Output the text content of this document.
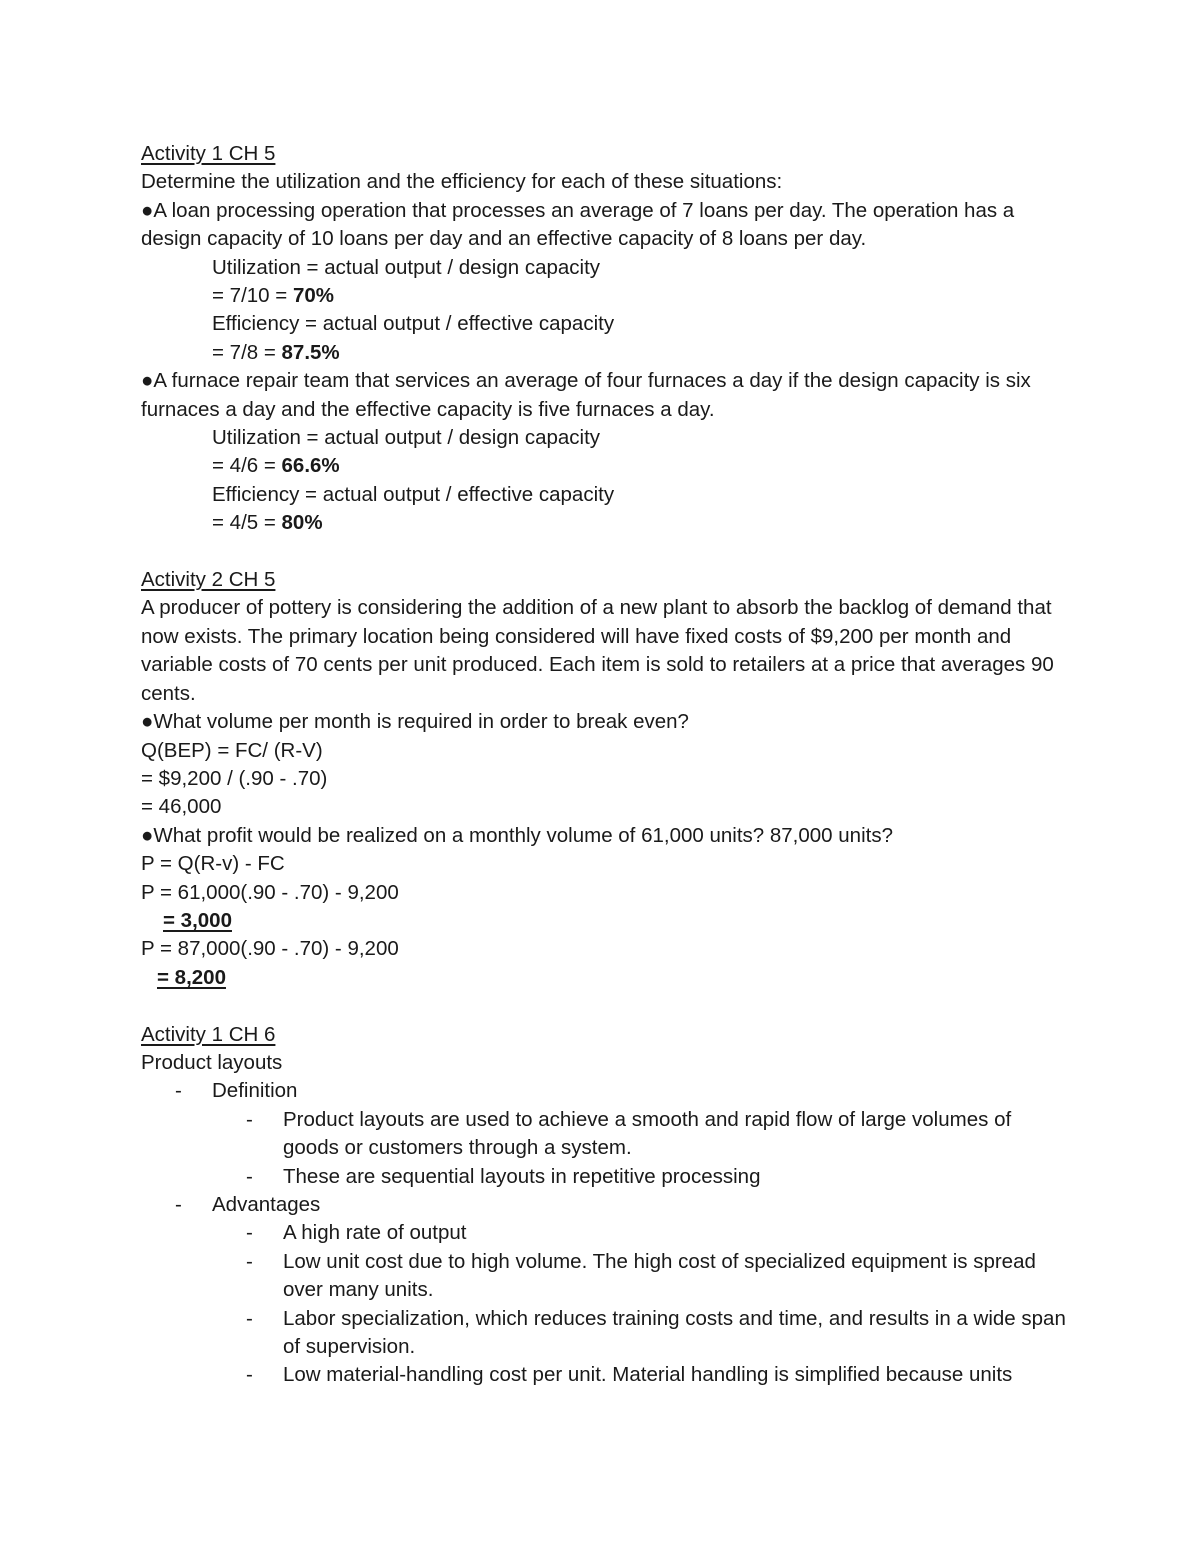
Activity 1 CH 5
Determine the utilization and the efficiency for each of these situations:
●A loan processing operation that processes an average of 7 loans per day. The operation has a design capacity of 10 loans per day and an effective capacity of 8 loans per day.
Utilization = actual output / design capacity
= 7/10 = 70%
Efficiency = actual output / effective capacity
= 7/8 = 87.5%
●A furnace repair team that services an average of four furnaces a day if the design capacity is six furnaces a day and the effective capacity is five furnaces a day.
Utilization = actual output / design capacity
= 4/6 = 66.6%
Efficiency = actual output / effective capacity
= 4/5 = 80%
Activity 2 CH 5
A producer of pottery is considering the addition of a new plant to absorb the backlog of demand that now exists. The primary location being considered will have fixed costs of $9,200 per month and variable costs of 70 cents per unit produced. Each item is sold to retailers at a price that averages 90 cents.
●What volume per month is required in order to break even?
Q(BEP) = FC/ (R-V)
= $9,200 / (.90 - .70)
= 46,000
●What profit would be realized on a monthly volume of 61,000 units? 87,000 units?
P = Q(R-v) - FC
P = 61,000(.90 - .70) - 9,200
= 3,000
P = 87,000(.90 - .70) - 9,200
= 8,200
Activity 1 CH 6
Product layouts
-	Definition
-	Product layouts are used to achieve a smooth and rapid flow of large volumes of goods or customers through a system.
-	These are sequential layouts in repetitive processing
-	Advantages
-	A high rate of output
-	Low unit cost due to high volume. The high cost of specialized equipment is spread over many units.
-	Labor specialization, which reduces training costs and time, and results in a wide span of supervision.
-	Low material-handling cost per unit. Material handling is simplified because units
